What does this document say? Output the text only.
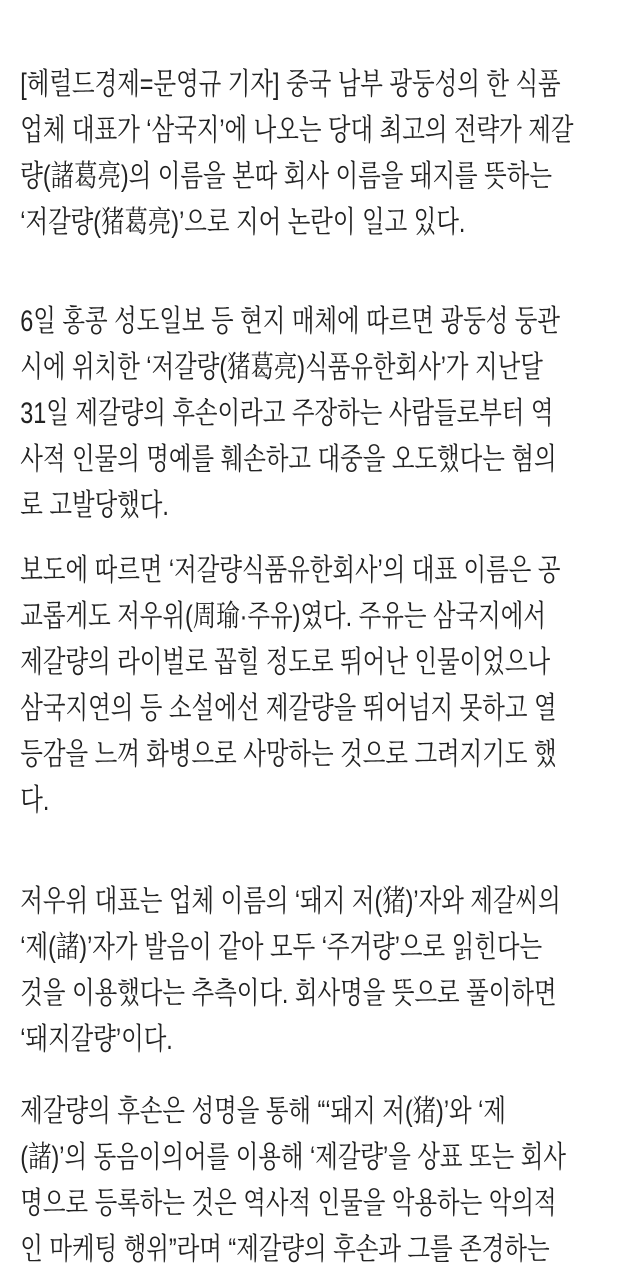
[헤럴드경제=문영규 기자] 중국 남부 광둥성의 한 식품
업체 대표가 ‘삼국지’에 나오는 당대 최고의 전략가 제갈
량(諸葛亮)의 이름을 본따 회사 이름을 돼지를 뜻하는
‘저갈량(猪葛亮)’으로 지어 논란이 일고 있다.

6일 홍콩 성도일보 등 현지 매체에 따르면 광둥성 둥관
시에 위치한 ‘저갈량(猪葛亮)식품유한회사’가 지난달
31일 제갈량의 후손이라고 주장하는 사람들로부터 역
사적 인물의 명예를 훼손하고 대중을 오도했다는 혐의
로 고발당했다.

보도에 따르면 ‘저갈량식품유한회사’의 대표 이름은 공
교롭게도 저우위(周瑜·주유)였다. 주유는 삼국지에서
제갈량의 라이벌로 꼽힐 정도로 뛰어난 인물이었으나
삼국지연의 등 소설에선 제갈량을 뛰어넘지 못하고 열
등감을 느껴 화병으로 사망하는 것으로 그려지기도 했
다.

저우위 대표는 업체 이름의 ‘돼지 저(猪)’자와 제갈씨의
‘제(諸)’자가 발음이 같아 모두 ‘주거량’으로 읽힌다는
것을 이용했다는 추측이다. 회사명을 뜻으로 풀이하면
‘돼지갈량’이다.

제갈량의 후손은 성명을 통해 “‘돼지 저(猪)’와 ‘제
(諸)’의 동음이의어를 이용해 ‘제갈량’을 상표 또는 회사
명으로 등록하는 것은 역사적 인물을 악용하는 악의적
인 마케팅 행위”라며 “제갈량의 후손과 그를 존경하는
